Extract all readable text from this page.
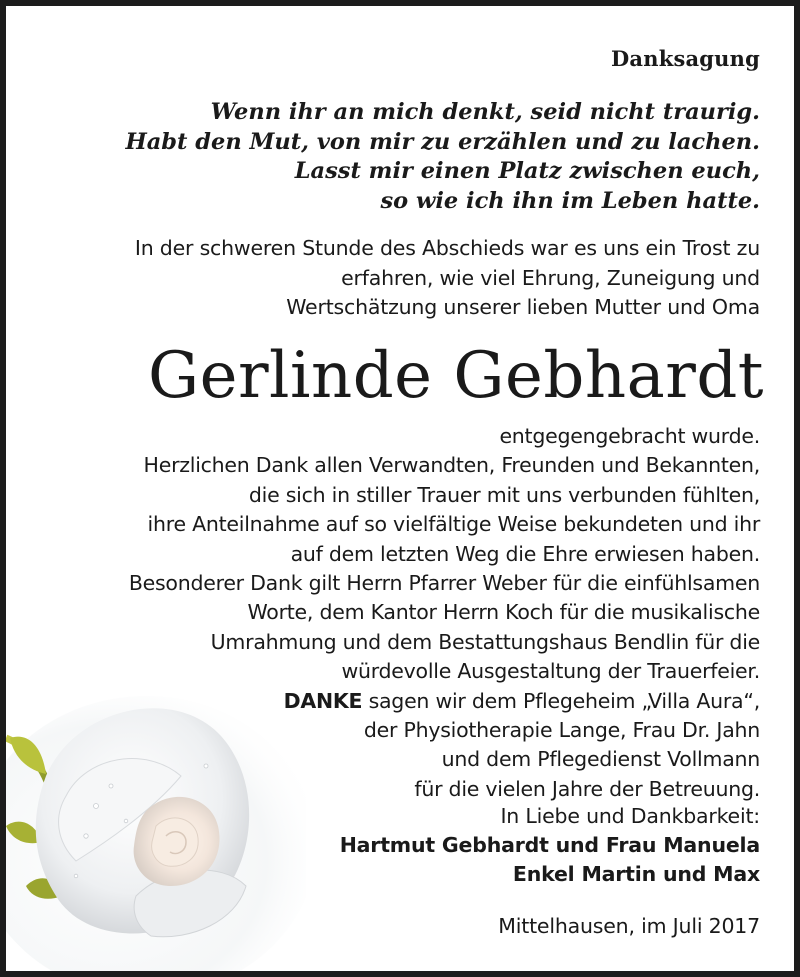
Danksagung
Wenn ihr an mich denkt, seid nicht traurig.
Habt den Mut, von mir zu erzählen und zu lachen.
Lasst mir einen Platz zwischen euch,
so wie ich ihn im Leben hatte.
In der schweren Stunde des Abschieds war es uns ein Trost zu
erfahren, wie viel Ehrung, Zuneigung und
Wertschätzung unserer lieben Mutter und Oma
Gerlinde Gebhardt
entgegengebracht wurde.
Herzlichen Dank allen Verwandten, Freunden und Bekannten,
die sich in stiller Trauer mit uns verbunden fühlten,
ihre Anteilnahme auf so vielfältige Weise bekundeten und ihr
auf dem letzten Weg die Ehre erwiesen haben.
Besonderer Dank gilt Herrn Pfarrer Weber für die einfühlsamen
Worte, dem Kantor Herrn Koch für die musikalische
Umrahmung und dem Bestattungshaus Bendlin für die
würdevolle Ausgestaltung der Trauerfeier.
DANKE sagen wir dem Pflegeheim „Villa Aura“,
der Physiotherapie Lange, Frau Dr. Jahn
und dem Pflegedienst Vollmann
für die vielen Jahre der Betreuung.
In Liebe und Dankbarkeit:
Hartmut Gebhardt und Frau Manuela
Enkel Martin und Max
Mittelhausen, im Juli 2017
